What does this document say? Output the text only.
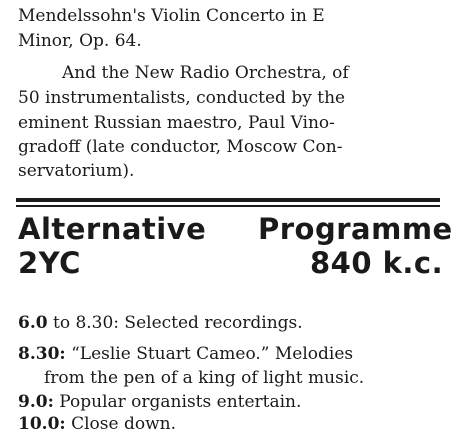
Mendelssohn's Violin Concerto in E
Minor, Op. 64.
And the New Radio Orchestra, of
50 instrumentalists, conducted by the
eminent Russian maestro, Paul Vino-
gradoff (late conductor, Moscow Con-
servatorium).
Alternative Programme
2YC	840 k.c.
6.0 to 8.30: Selected recordings.
8.30: “Leslie Stuart Cameo.” Melodies
from the pen of a king of light music.
9.0: Popular organists entertain.
10.0: Close down.
